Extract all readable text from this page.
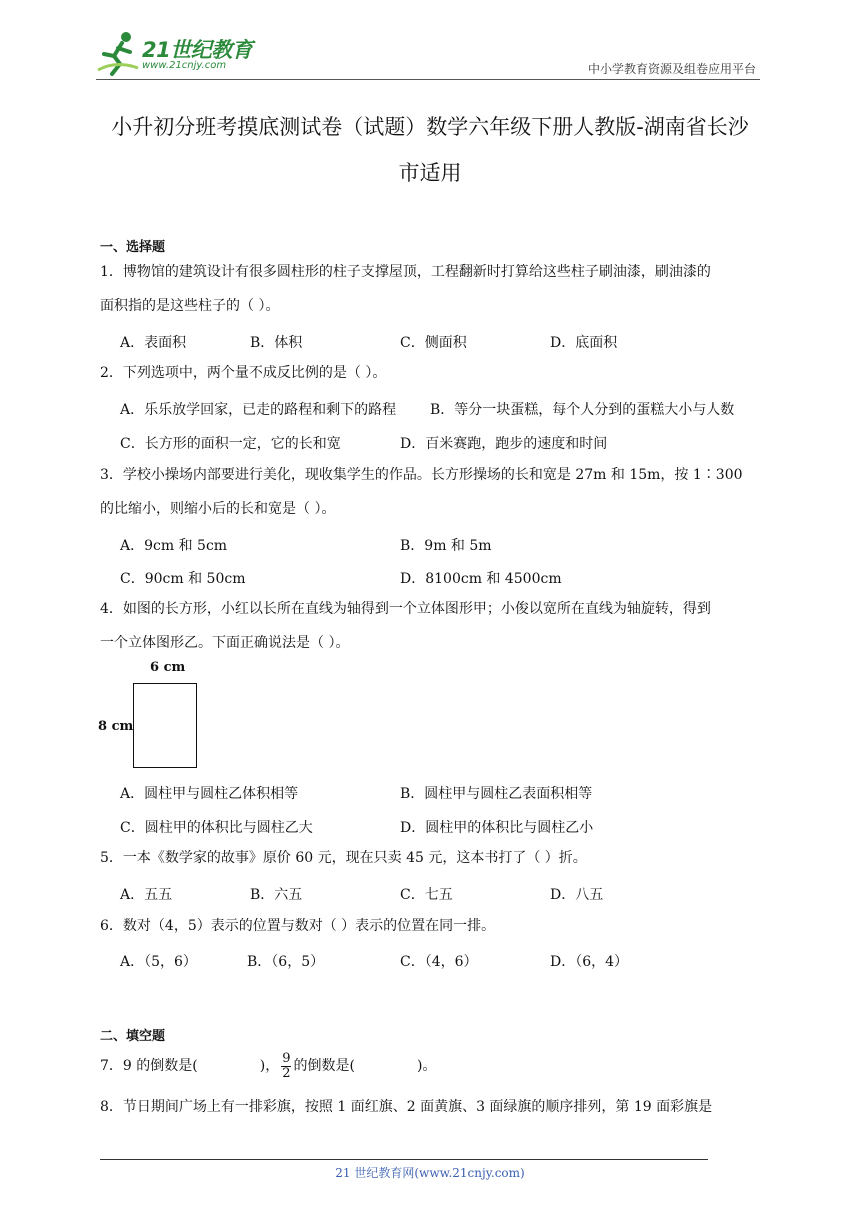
21世纪教育
www.21cnjy.com	中小学教育资源及组卷应用平台
小升初分班考摸底测试卷（试题）数学六年级下册人教版-湖南省长沙
市适用
一、选择题
1．博物馆的建筑设计有很多圆柱形的柱子支撑屋顶，工程翻新时打算给这些柱子刷油漆，刷油漆的
面积指的是这些柱子的（ ）。
A．表面积	B．体积	C．侧面积	D．底面积
2．下列选项中，两个量不成反比例的是（ ）。
A．乐乐放学回家，已走的路程和剩下的路程 B．等分一块蛋糕，每个人分到的蛋糕大小与人数
C．长方形的面积一定，它的长和宽	D．百米赛跑，跑步的速度和时间
3．学校小操场内部要进行美化，现收集学生的作品。长方形操场的长和宽是 27m 和 15m，按 1∶300
的比缩小，则缩小后的长和宽是（ ）。
A．9cm 和 5cm	B．9m 和 5m
C．90cm 和 50cm	D．8100cm 和 4500cm
4．如图的长方形，小红以长所在直线为轴得到一个立体图形甲；小俊以宽所在直线为轴旋转，得到
一个立体图形乙。下面正确说法是（ ）。
6 cm
8 cm
A．圆柱甲与圆柱乙体积相等	B．圆柱甲与圆柱乙表面积相等
C．圆柱甲的体积比与圆柱乙大	D．圆柱甲的体积比与圆柱乙小
5．一本《数学家的故事》原价 60 元，现在只卖 45 元，这本书打了（ ）折。
A．五五	B．六五	C．七五	D．八五
6．数对（4，5）表示的位置与数对（ ）表示的位置在同一排。
A．（5，6）	B．（6，5）	C．（4，6）	D．（6，4）
二、填空题
7．9 的倒数是(	)， $\frac{9}{2}$ 的倒数是(	)。
8．节日期间广场上有一排彩旗，按照 1 面红旗、2 面黄旗、3 面绿旗的顺序排列，第 19 面彩旗是
21 世纪教育网(www.21cnjy.com)
